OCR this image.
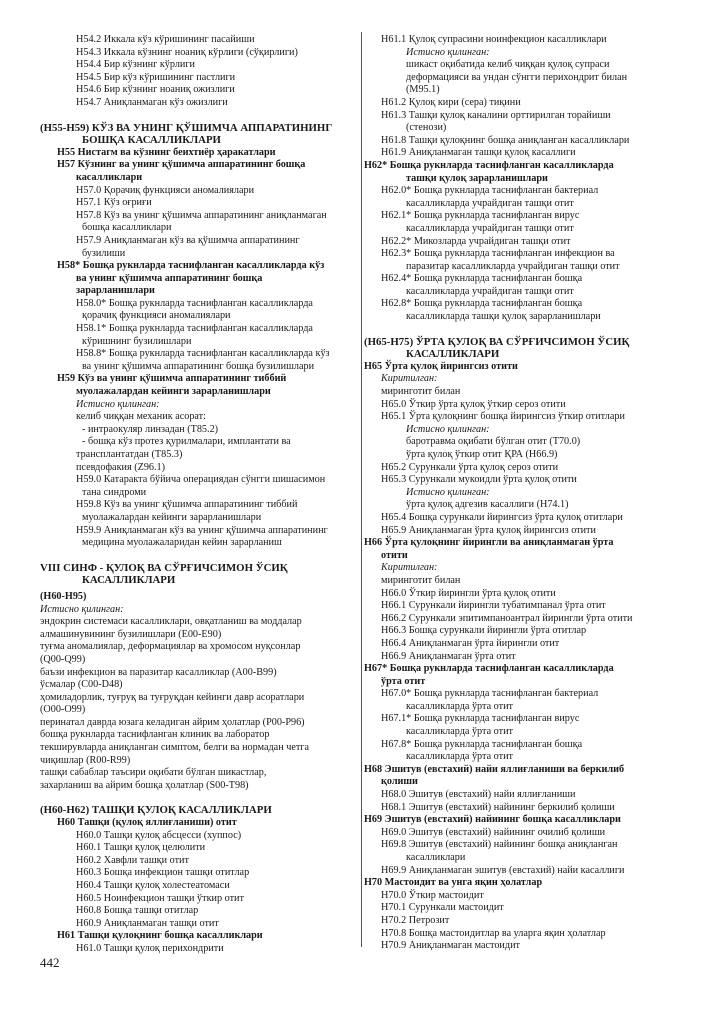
H54.2 Иккала кўз кўришининг пасайиши
H54.3 Иккала кўзнинг ноаниқ кўрлиги (сўқирлиги)
H54.4 Бир кўзнинг кўрлиги
H54.5 Бир кўз кўришининг пастлиги
H54.6 Бир кўзнинг ноаниқ ожизлиги
H54.7 Аниқланмаган кўз ожизлиги
(H55-H59) КЎЗ ВА УНИНГ ҚЎШИМЧА АППАРАТИНИНГ
БОШҚА КАСАЛЛИКЛАРИ
H55 Нистагм ва кўзнинг беихтиёр ҳаракатлари
H57 Кўзнинг ва унинг қўшимча аппаратининг бошқа
касалликлари
H57.0 Қорачиқ функцияси аномалиялари
H57.1 Кўз оғриғи
H57.8 Кўз ва унинг қўшимча аппаратининг аниқланмаган
бошқа касалликлари
H57.9 Аниқланмаган кўз ва қўшимча аппаратининг
бузилиши
H58* Бошқа рукнларда таснифланган касалликларда кўз
ва унинг қўшимча аппаратининг бошқа
зарарланишлари
H58.0* Бошқа рукнларда таснифланган касалликларда
қорачиқ функцияси аномалиялари
H58.1* Бошқа рукнларда таснифланган касалликларда
кўришнинг бузилишлари
H58.8* Бошқа рукнларда таснифланган касалликларда кўз
ва унинг қўшимча аппаратининг бошқа бузилишлари
H59 Кўз ва унинг қўшимча аппаратининг тиббий
муолажалардан кейинги зарарланишлари
Истисно қилинган:
келиб чиққан механик асорат:
- интраокуляр линзадан (T85.2)
- бошқа кўз протез қурилмалари, имплантати ва
трансплантатдан (T85.3)
псевдофакия (Z96.1)
H59.0 Катаракта бўйича операциядан сўнгги шишасимон
тана синдроми
H59.8 Кўз ва унинг қўшимча аппаратининг тиббий
муолажалардан кейинги зарарланишлари
H59.9 Аниқланмаган кўз ва унинг қўшимча аппаратининг
медицина муолажаларидан кейин зарарланиш
VIII СИНФ - ҚУЛОҚ ВА СЎРҒИЧСИМОН ЎСИҚ
КАСАЛЛИКЛАРИ
(H60-H95)
Истисно қилинган:
эндокрин системаси касалликлари, овқатланиш ва моддалар
алмашинувининг бузилишлари (E00-E90)
туғма аномалиялар, деформациялар ва хромосом нуқсонлар
(Q00-Q99)
баъзи инфекцион ва паразитар касалликлар (A00-B99)
ўсмалар (C00-D48)
ҳомиладорлик, туғруқ ва туғруқдан кейинги давр асоратлари
(O00-O99)
перинатал даврда юзага келадиган айрим ҳолатлар (P00-P96)
бошқа рукнларда таснифланган клиник ва лаборатор
текширувларда аниқланган симптом, белги ва нормадан четга
чиқишлар (R00-R99)
ташқи сабаблар таъсири оқибати бўлган шикастлар,
захарланиш ва айрим бошқа ҳолатлар (S00-T98)
(H60-H62) ТАШҚИ ҚУЛОҚ КАСАЛЛИКЛАРИ
H60 Ташқи (қулоқ яллиғланиши) отит
H60.0 Ташқи қулоқ абсцесси (хуппос)
H60.1 Ташқи қулоқ целюлити
H60.2 Хавфли ташқи отит
H60.3 Бошқа инфекцион ташқи отитлар
H60.4 Ташқи қулоқ холестеатомаси
H60.5 Ноинфекцион ташқи ўткир отит
H60.8 Бошқа ташқи отитлар
H60.9 Аниқланмаган ташқи отит
H61 Ташқи қулоқнинг бошқа касалликлари
H61.0 Ташқи қулоқ перихондрити
H61.1 Қулоқ супрасини ноинфекцион касалликлари
Истисно қилинган:
шикаст оқибатида келиб чиққан қулоқ супраси
деформацияси ва ундан сўнгги перихондрит билан
(M95.1)
H61.2 Қулоқ кири (сера) тиқини
H61.3 Ташқи қулоқ каналини орттирилган торайиши
(стенози)
H61.8 Ташқи қулоқнинг бошқа аниқланган касалликлари
H61.9 Аниқланмаган ташқи қулоқ касаллиги
H62* Бошқа рукнларда таснифланган касалликларда
ташқи қулоқ зарарланишлари
H62.0* Бошқа рукнларда таснифланган бактериал
касалликларда учрайдиган ташқи отит
H62.1* Бошқа рукнларда таснифланган вирус
касалликларда учрайдиган ташқи отит
H62.2* Микозларда учрайдиган ташқи отит
H62.3* Бошқа рукнларда таснифланган инфекцион ва
паразитар касалликларда учрайдиган ташқи отит
H62.4* Бошқа рукнларда таснифланган бошқа
касалликларда учрайдиган ташқи отит
H62.8* Бошқа рукнларда таснифланган бошқа
касалликларда ташқи қулоқ зарарланишлари
(H65-H75) ЎРТА ҚУЛОҚ ВА СЎРҒИЧСИМОН ЎСИҚ
КАСАЛЛИКЛАРИ
H65 Ўрта қулоқ йирингсиз отити
Киритилган:
миринготит билан
H65.0 Ўткир ўрта қулоқ ўткир сероз отити
H65.1 Ўрта қулоқнинг бошқа йирингсиз ўткир отитлари
Истисно қилинган:
баротравма оқибати бўлган отит (T70.0)
ўрта қулоқ ўткир отит ҚРА (H66.9)
H65.2 Сурункали ўрта қулоқ сероз отити
H65.3 Сурункали мукоидли ўрта қулоқ отити
Истисно қилинган:
ўрта қулоқ адгезив касаллиги (H74.1)
H65.4 Бошқа сурункали йирингсиз ўрта қулоқ отитлари
H65.9 Аниқланмаган ўрта қулоқ йирингсиз отити
H66 Ўрта қулоқнинг йирингли ва аниқланмаган ўрта
отити
Киритилган:
миринготит билан
H66.0 Ўткир йирингли ўрта қулоқ отити
H66.1 Сурункали йирингли тубатимпанал ўрта отит
H66.2 Сурункали эпитимпаноантрал йирингли ўрта отити
H66.3 Бошқа сурункали йирингли ўрта отитлар
H66.4 Аниқланмаган ўрта йирингли отит
H66.9 Аниқланмаган ўрта отит
H67* Бошқа рукнларда таснифланган касалликларда
ўрта отит
H67.0* Бошқа рукнларда таснифланган бактериал
касалликларда ўрта отит
H67.1* Бошқа рукнларда таснифланган вирус
касалликларда ўрта отит
H67.8* Бошқа рукнларда таснифланган бошқа
касалликларда ўрта отит
H68 Эшитув (евстахий) найи яллиғланиши ва беркилиб
қолиши
H68.0 Эшитув (евстахий) найи яллиғланиши
H68.1 Эшитув (евстахий) найининг беркилиб қолиши
H69 Эшитув (евстахий) найининг бошқа касалликлари
H69.0 Эшитув (евстахий) найининг очилиб қолиши
H69.8 Эшитув (евстахий) найининг бошқа аниқланган
касалликлари
H69.9 Аниқланмаган эшитув (евстахий) найи касаллиги
H70 Мастоидит ва унга яқин ҳолатлар
H70.0 Ўткир мастоидит
H70.1 Сурункали мастоидит
H70.2 Петрозит
H70.8 Бошқа мастоидитлар ва уларга яқин ҳолатлар
H70.9 Аниқланмаган мастоидит
442
